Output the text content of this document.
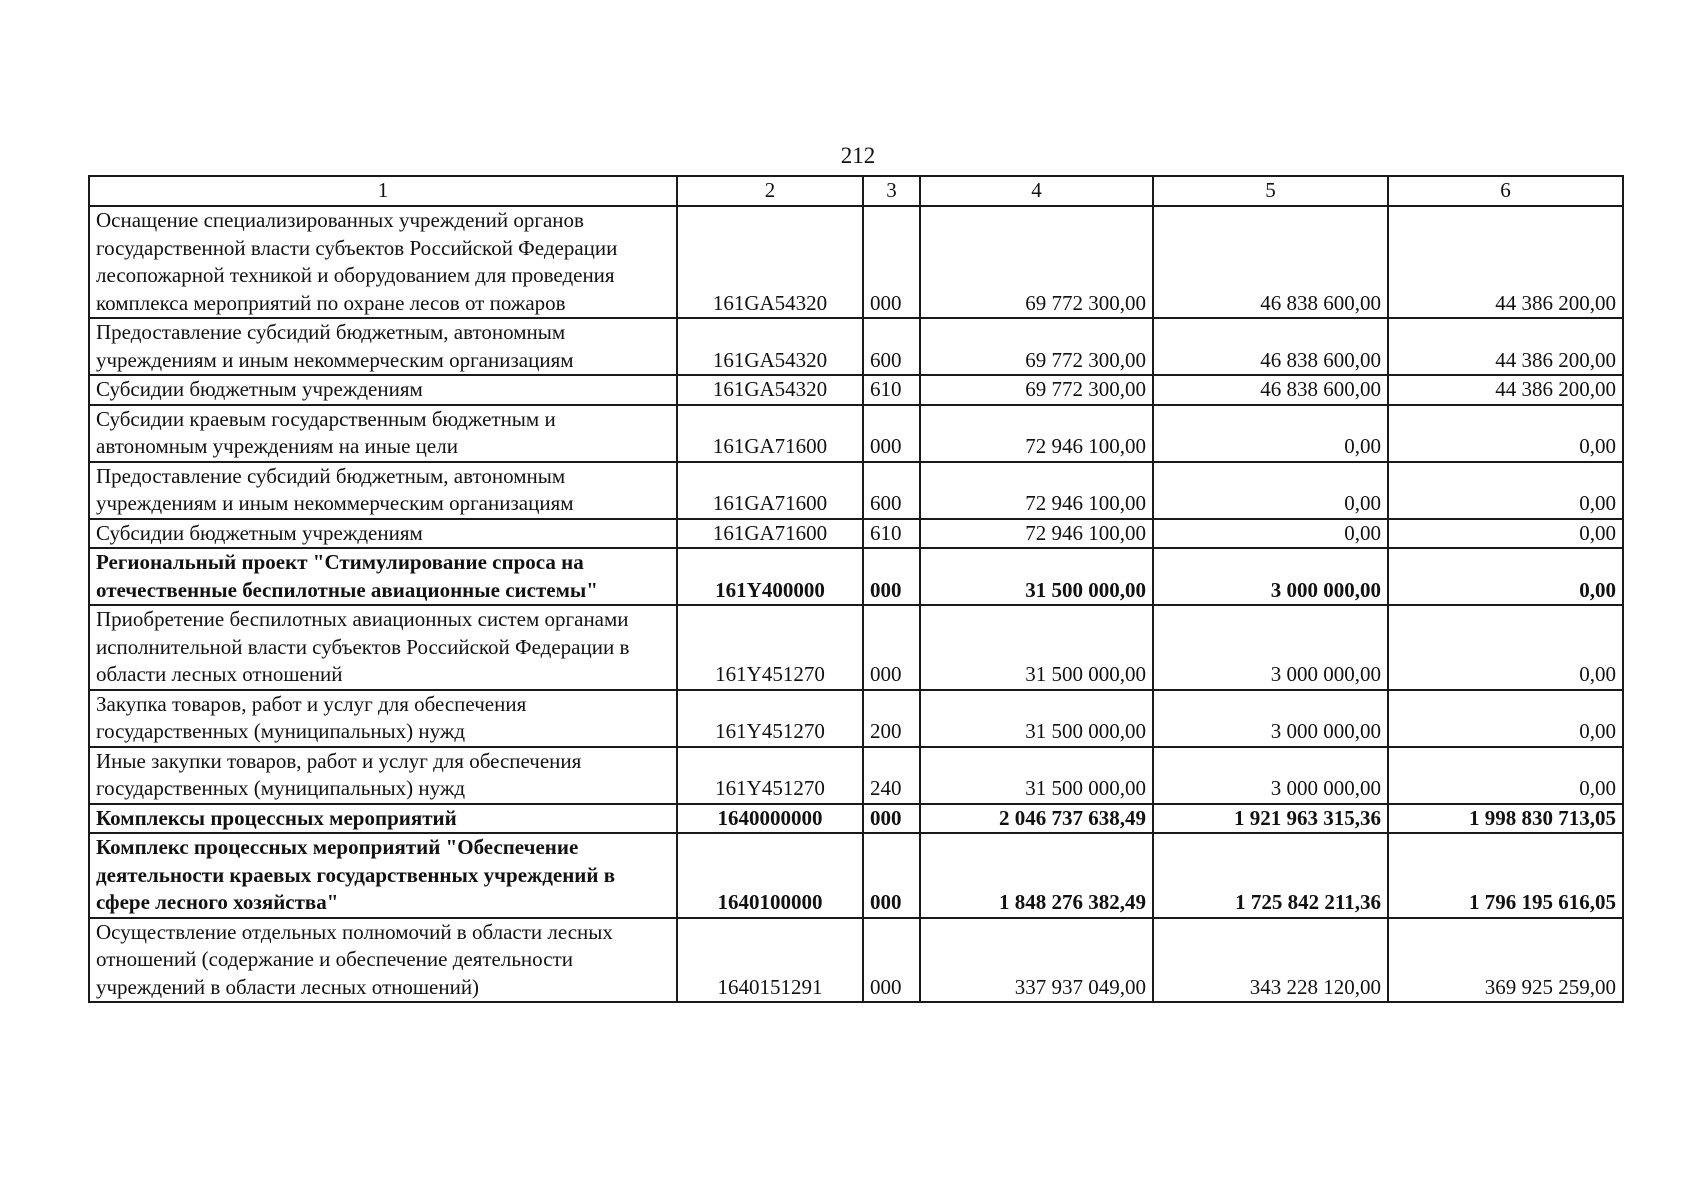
212
1	2	3	4	5	6
Оснащение специализированных учреждений органов государственной власти субъектов Российской Федерации лесопожарной техникой и оборудованием для проведения комплекса мероприятий по охране лесов от пожаров	161GA54320	000	69 772 300,00	46 838 600,00	44 386 200,00
Предоставление субсидий бюджетным, автономным учреждениям и иным некоммерческим организациям	161GA54320	600	69 772 300,00	46 838 600,00	44 386 200,00
Субсидии бюджетным учреждениям	161GA54320	610	69 772 300,00	46 838 600,00	44 386 200,00
Субсидии краевым государственным бюджетным и автономным учреждениям на иные цели	161GA71600	000	72 946 100,00	0,00	0,00
Предоставление субсидий бюджетным, автономным учреждениям и иным некоммерческим организациям	161GA71600	600	72 946 100,00	0,00	0,00
Субсидии бюджетным учреждениям	161GA71600	610	72 946 100,00	0,00	0,00
Региональный проект "Стимулирование спроса на отечественные беспилотные авиационные системы"	161Y400000	000	31 500 000,00	3 000 000,00	0,00
Приобретение беспилотных авиационных систем органами исполнительной власти субъектов Российской Федерации в области лесных отношений	161Y451270	000	31 500 000,00	3 000 000,00	0,00
Закупка товаров, работ и услуг для обеспечения государственных (муниципальных) нужд	161Y451270	200	31 500 000,00	3 000 000,00	0,00
Иные закупки товаров, работ и услуг для обеспечения государственных (муниципальных) нужд	161Y451270	240	31 500 000,00	3 000 000,00	0,00
Комплексы процессных мероприятий	1640000000	000	2 046 737 638,49	1 921 963 315,36	1 998 830 713,05
Комплекс процессных мероприятий "Обеспечение деятельности краевых государственных учреждений в сфере лесного хозяйства"	1640100000	000	1 848 276 382,49	1 725 842 211,36	1 796 195 616,05
Осуществление отдельных полномочий в области лесных отношений (содержание и обеспечение деятельности учреждений в области лесных отношений)	1640151291	000	337 937 049,00	343 228 120,00	369 925 259,00
